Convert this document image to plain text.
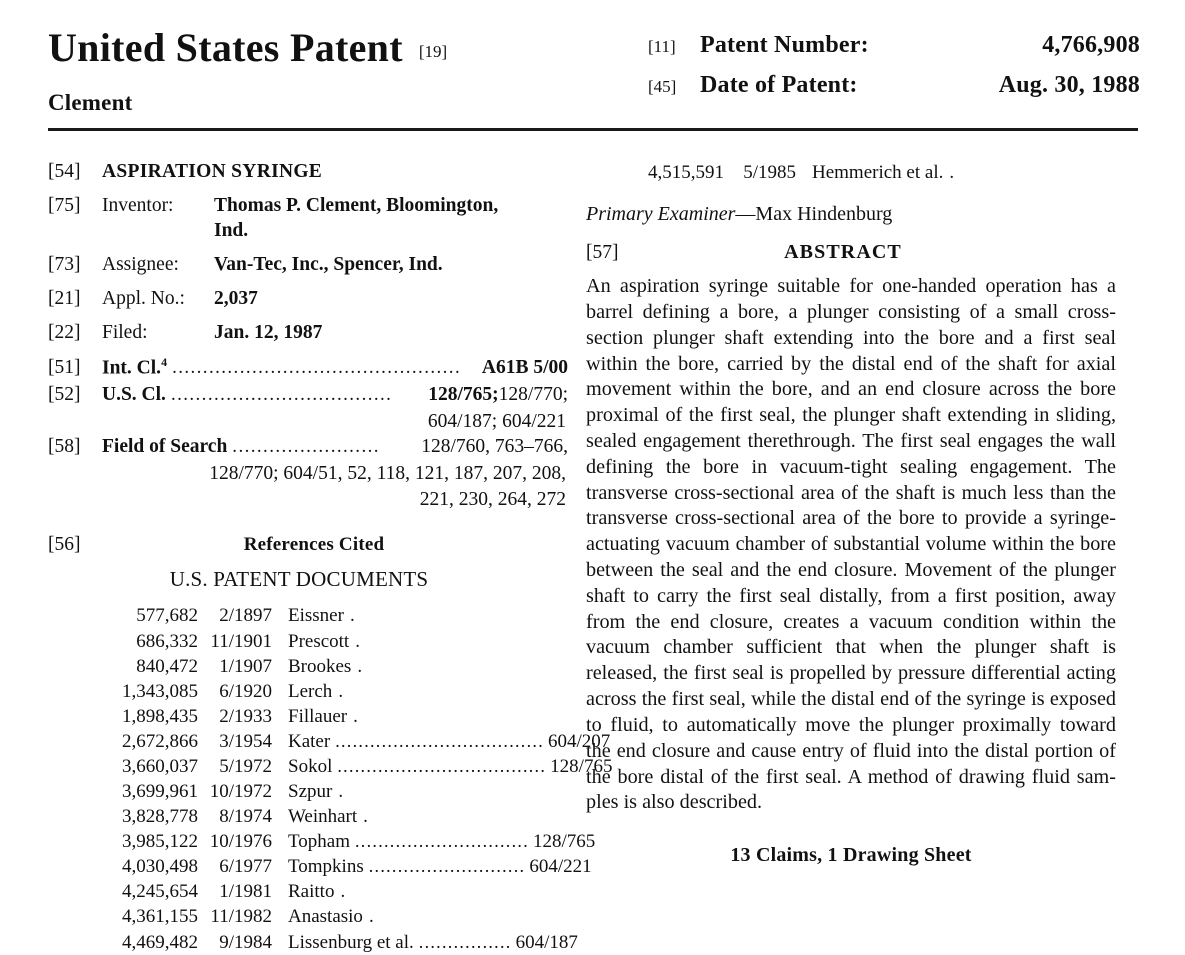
United States Patent [19]
Clement
[11]	Patent Number:	4,766,908
[45] Date of Patent:	Aug. 30, 1988
[54]	ASPIRATION SYRINGE
[75]	Inventor:	Thomas P. Clement, Bloomington,
Ind.
[73]	Assignee:	Van-Tec, Inc., Spencer, Ind.
[21]	Appl. No.:	2,037
[22]	Filed:	Jan. 12, 1987
[51]	Int. Cl.$^4$ ...............................................	A61B 5/00
[52]	U.S. Cl. ....................................	128/765; 128/770;
604/187; 604/221
[58]	Field of Search ........................	128/760, 763–766,
128/770; 604/51, 52, 118, 121, 187, 207, 208,
221, 230, 264, 272
[56]	References Cited
U.S. PATENT DOCUMENTS
577,682	2/1897 Eissner .
686,332 11/1901 Prescott .
840,472	1/1907 Brookes .
1,343,085	6/1920 Lerch .
1,898,435	2/1933 Fillauer .
2,672,866	3/1954 Kater .................................... 604/207
3,660,037	5/1972 Sokol .................................... 128/765
3,699,961 10/1972 Szpur .
3,828,778	8/1974 Weinhart .
3,985,122 10/1976 Topham .............................. 128/765
4,030,498	6/1977 Tompkins ........................... 604/221
4,245,654	1/1981 Raitto .
4,361,155 11/1982 Anastasio .
4,469,482	9/1984 Lissenburg et al. ................ 604/187
4,515,591	5/1985 Hemmerich et al. .
Primary Examiner—Max Hindenburg
[57]	ABSTRACT
An aspiration syringe suitable for one-handed operation has a barrel defining a bore, a plunger consisting of a small cross-section plunger shaft extending into the bore and a first seal within the bore, carried by the distal end of the shaft for axial movement within the bore, and an end closure across the bore proximal of the first seal, the plunger shaft extending in sliding, sealed engagement therethrough. The first seal engages the wall defining the bore in vacuum-tight sealing engagement. The transverse cross-sectional area of the shaft is much less than the transverse cross-sectional area of the bore to provide a syringe-actuating vacuum chamber of substantial volume within the bore between the seal and the end closure. Movement of the plunger shaft to carry the first seal distally, from a first position, away from the end closure, creates a vacuum condition within the vacuum chamber sufficient that when the plunger shaft is released, the first seal is propelled by pressure differential acting across the first seal, while the distal end of the syringe is exposed to fluid, to automatically move the plunger proximally toward the end closure and cause entry of fluid into the distal portion of the bore distal of the first seal. A method of drawing fluid samples is also described.
13 Claims, 1 Drawing Sheet
